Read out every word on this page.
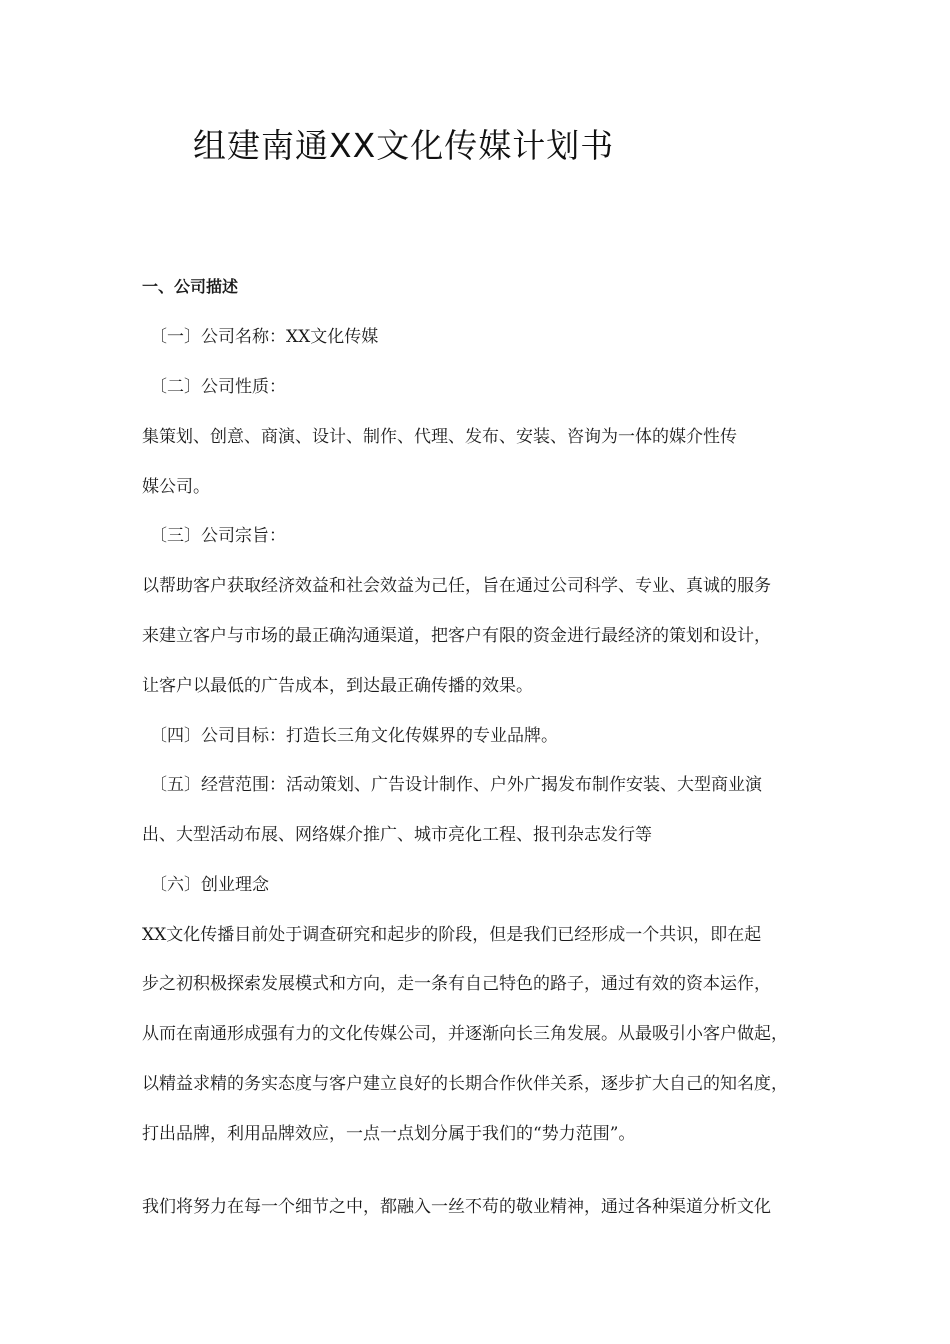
组建南通XX文化传媒计划书
一、公司描述
〔一〕公司名称：XX文化传媒
〔二〕公司性质：
集策划、创意、商演、设计、制作、代理、发布、安装、咨询为一体的媒介性传
媒公司。
〔三〕公司宗旨：
以帮助客户获取经济效益和社会效益为己任，旨在通过公司科学、专业、真诚的服务
来建立客户与市场的最正确沟通渠道，把客户有限的资金进行最经济的策划和设计，
让客户以最低的广告成本，到达最正确传播的效果。
〔四〕公司目标：打造长三角文化传媒界的专业品牌。
〔五〕经营范围：活动策划、广告设计制作、户外广揭发布制作安装、大型商业演
出、大型活动布展、网络媒介推广、城市亮化工程、报刊杂志发行等
〔六〕创业理念
XX文化传播目前处于调查研究和起步的阶段，但是我们已经形成一个共识，即在起
步之初积极探索发展模式和方向，走一条有自己特色的路子，通过有效的资本运作，
从而在南通形成强有力的文化传媒公司，并逐渐向长三角发展。从最吸引小客户做起，
以精益求精的务实态度与客户建立良好的长期合作伙伴关系，逐步扩大自己的知名度，
打出品牌，利用品牌效应，一点一点划分属于我们的“势力范围”。
我们将努力在每一个细节之中，都融入一丝不苟的敬业精神，通过各种渠道分析文化
